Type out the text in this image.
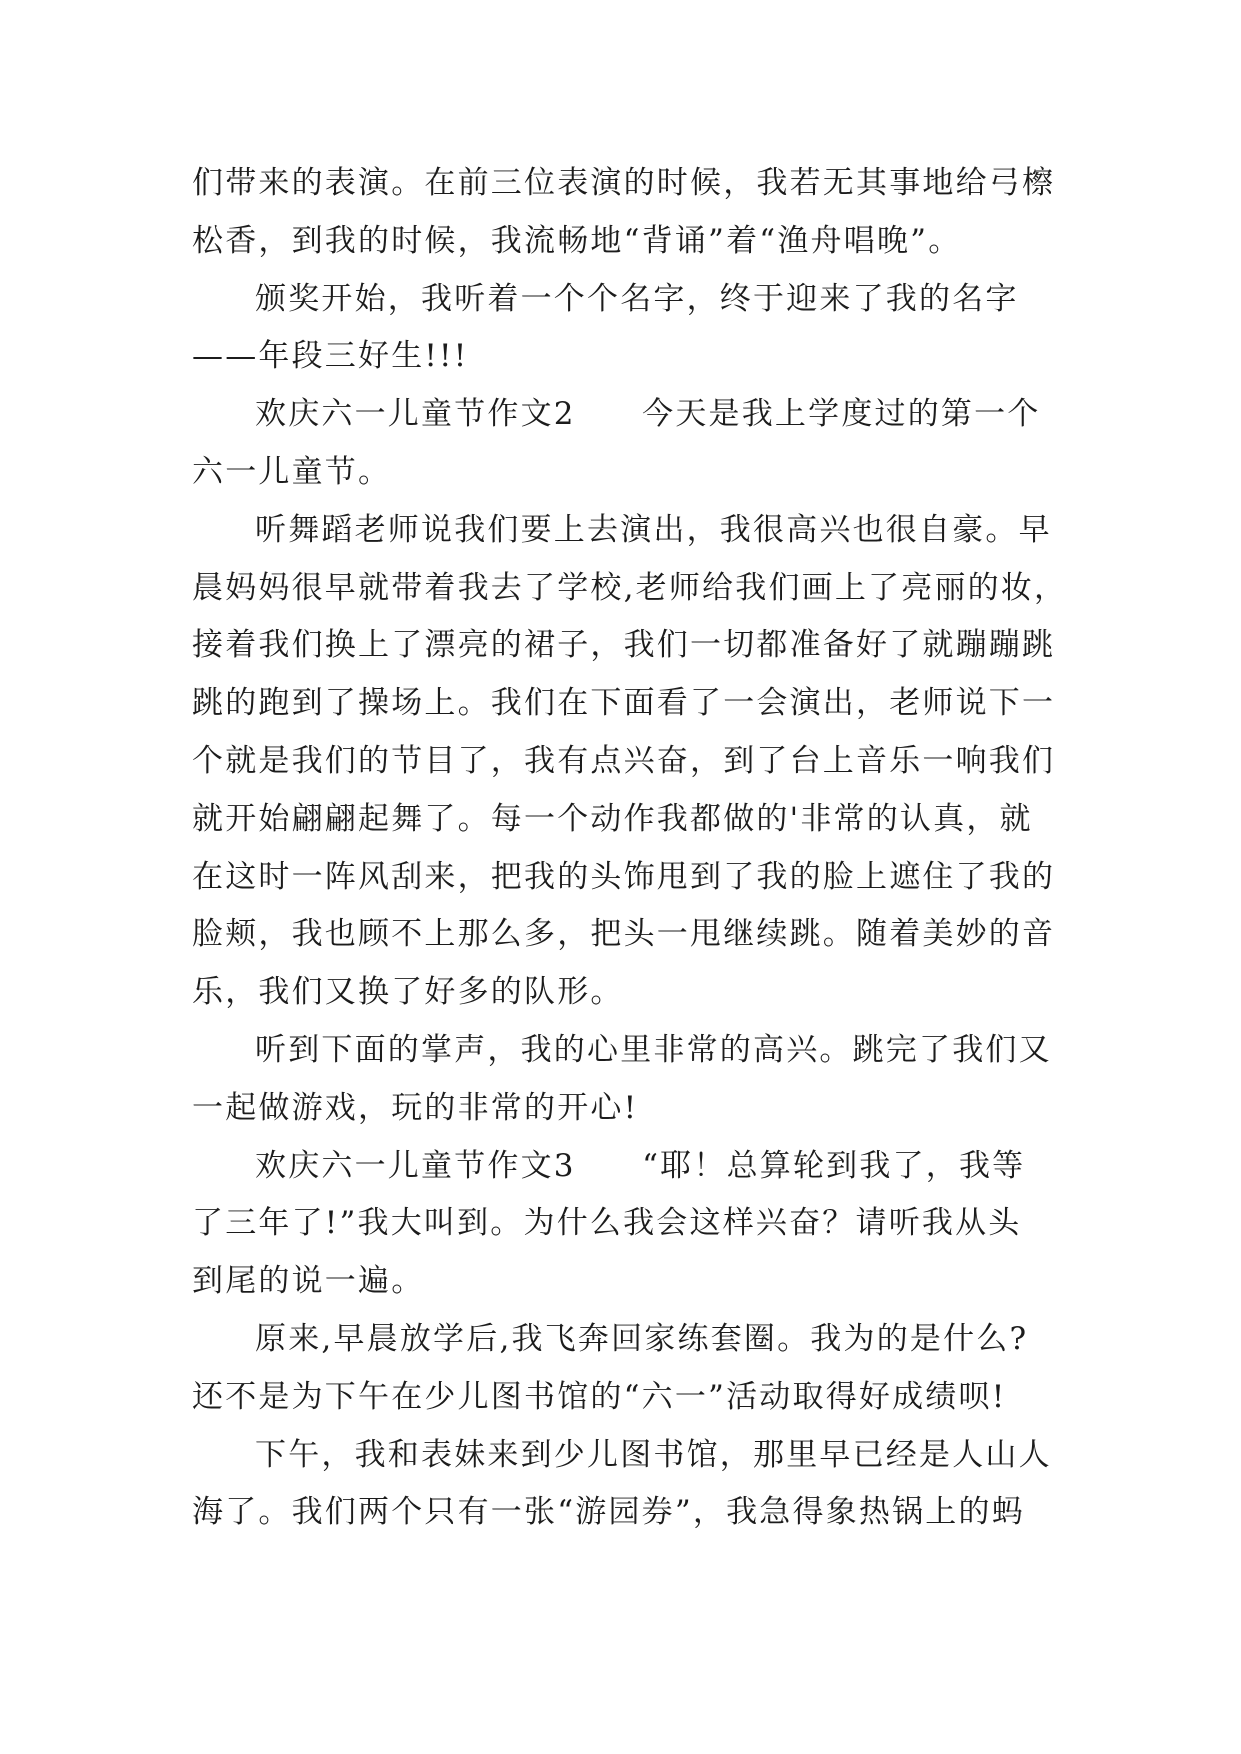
们带来的表演。在前三位表演的时候，我若无其事地给弓檫
松香，到我的时候，我流畅地“背诵”着“渔舟唱晚”。
颁奖开始，我听着一个个名字，终于迎来了我的名字
——年段三好生!!!
欢庆六一儿童节作文2　　今天是我上学度过的第一个
六一儿童节。
听舞蹈老师说我们要上去演出，我很高兴也很自豪。早
晨妈妈很早就带着我去了学校,老师给我们画上了亮丽的妆，
接着我们换上了漂亮的裙子，我们一切都准备好了就蹦蹦跳
跳的跑到了操场上。我们在下面看了一会演出，老师说下一
个就是我们的节目了，我有点兴奋，到了台上音乐一响我们
就开始翩翩起舞了。每一个动作我都做的'非常的认真，就
在这时一阵风刮来，把我的头饰甩到了我的脸上遮住了我的
脸颊，我也顾不上那么多，把头一甩继续跳。随着美妙的音
乐，我们又换了好多的队形。
听到下面的掌声，我的心里非常的高兴。跳完了我们又
一起做游戏，玩的非常的开心!
欢庆六一儿童节作文3　　“耶！总算轮到我了，我等
了三年了!”我大叫到。为什么我会这样兴奋？请听我从头
到尾的说一遍。
原来,早晨放学后,我飞奔回家练套圈。我为的是什么?
还不是为下午在少儿图书馆的“六一”活动取得好成绩呗!
下午，我和表妹来到少儿图书馆，那里早已经是人山人
海了。我们两个只有一张“游园券”，我急得象热锅上的蚂
